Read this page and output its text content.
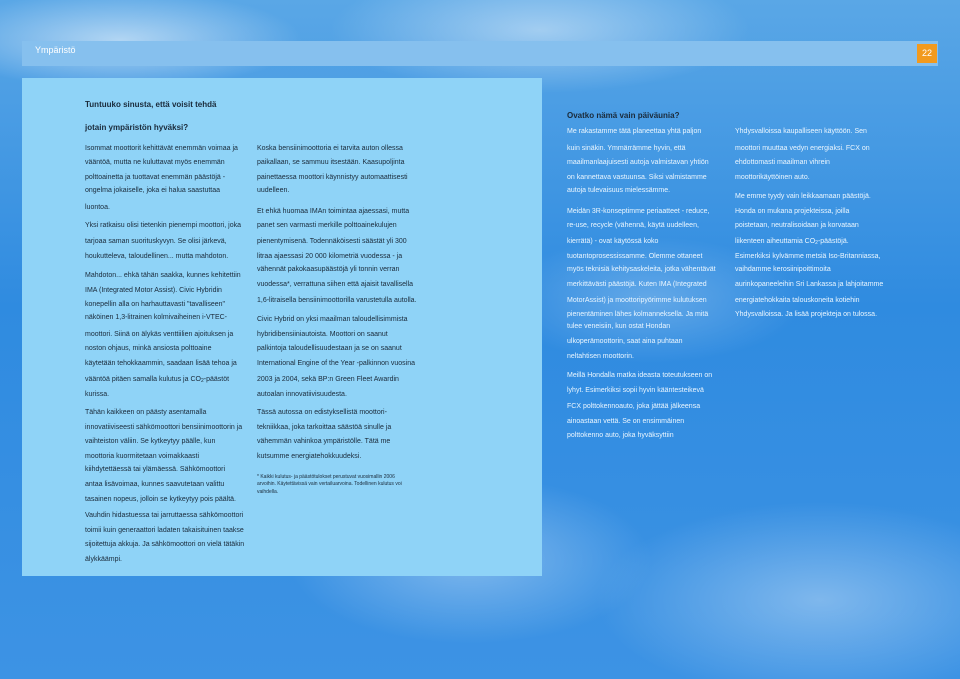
Ympäristö	22
Tuntuuko sinusta, että voisit tehdä
jotain ympäristön hyväksi?
Isommat moottorit kehittävät enemmän voimaa ja
vääntöä, mutta ne kuluttavat myös enemmän
polttoainetta ja tuottavat enemmän päästöjä -
ongelma jokaiselle, joka ei halua saastuttaa
luontoa.
Yksi ratkaisu olisi tietenkin pienempi moottori, joka
tarjoaa saman suorituskyvyn. Se olisi järkevä,
houkutteleva, taloudellinen... mutta mahdoton.
Mahdoton... ehkä tähän saakka, kunnes kehitettiin
IMA (Integrated Motor Assist). Civic Hybridin
konepellin alla on harhauttavasti "tavalliseen"
näköinen 1,3-litrainen kolmivaiheinen i-VTEC-
moottori. Siinä on älykäs venttiilien ajoituksen ja
noston ohjaus, minkä ansiosta polttoaine
käytetään tehokkaammin, saadaan lisää tehoa ja
vääntöä pitäen samalla kulutus ja $CO_2$-päästöt
kurissa.
Tähän kaikkeen on päästy asentamalla
innovatiiviseesti sähkömoottori bensiinimoottorin ja
vaihteiston väliin. Se kytkeytyy päälle, kun
moottoria kuormitetaan voimakkaasti
kiihdytettäessä tai ylämäessä. Sähkömoottori
antaa lisävoimaa, kunnes saavutetaan valittu
tasainen nopeus, jolloin se kytkeytyy pois päältä.
Vauhdin hidastuessa tai jarruttaessa sähkömoottori
toimii kuin generaattori ladaten takaisituinen taakse
sijoitettuja akkuja. Ja sähkömoottori on vielä tätäkin
älykkäämpi.
Koska bensiinimoottoria ei tarvita auton ollessa
paikallaan, se sammuu itsestään. Kaasupoljinta
painettaessa moottori käynnistyy automaattisesti
uudelleen.
Et ehkä huomaa IMAn toimintaa ajaessasi, mutta
panet sen varmasti merkille polttoainekulujen
pienentymisenä. Todennäköisesti säästät yli 300
litraa ajaessasi 20 000 kilometriä vuodessa - ja
vähennät pakokaasupäästöjä yli tonnin verran
vuodessa*, verrattuna siihen että ajaisit tavallisella
1,6-litraisella bensiinimoottorilla varustetulla autolla.
Civic Hybrid on yksi maailman taloudellisimmista
hybridibensiiniautoista. Moottori on saanut
palkintoja taloudellisuudestaan ja se on saanut
International Engine of the Year -palkinnon vuosina
2003 ja 2004, sekä BP:n Green Fleet Awardin
autoalan innovatiivisuudesta.
Tässä autossa on edistyksellistä moottori-
tekniikkaa, joka tarkoittaa säästöä sinulle ja
vähemmän vahinkoa ympäristölle. Tätä me
kutsumme energiatehokkuudeksi.
* Kaikki kulutus- ja päästötulokset perustuvat vuosimallin 2006
arvoihin. Käytettävissä vain vertailuarvoina. Todellinen kulutus voi
vaihdella.
Ovatko nämä vain päiväunia?
Me rakastamme tätä planeettaa yhtä paljon
kuin sinäkin. Ymmärrämme hyvin, että
maailmanlaajuisesti autoja valmistavan yhtiön
on kannettava vastuunsa. Siksi valmistamme
autoja tulevaisuus mielessämme.
Meidän 3R-konseptimme periaatteet - reduce,
re-use, recycle (vähennä, käytä uudelleen,
kierrätä) - ovat käytössä koko
tuotantoprosessissamme. Olemme ottaneet
myös teknisiä kehitysaskeleita, jotka vähentävät
merkittävästi päästöjä. Kuten IMA (Integrated
MotorAssist) ja moottoripyörimme kulutuksen
pienentäminen lähes kolmanneksella. Ja mitä
tulee veneisiin, kun ostat Hondan
ulkoperämoottorin, saat aina puhtaan
neltahtisen moottorin.
Meillä Hondalla matka ideasta toteutukseen on
lyhyt. Esimerkiksi sopii hyvin kääntesteikevä
FCX polttokennoauto, joka jättää jälkeensa
ainoastaan vettä. Se on ensimmäinen
polttokenno auto, joka hyväksyttiin
Yhdysvalloissa kaupalliseen käyttöön. Sen
moottori muuttaa vedyn energiaksi. FCX on
ehdottomasti maailman vihrein
moottorikäyttöinen auto.
Me emme tyydy vain leikkaamaan päästöjä.
Honda on mukana projekteissa, joilla
poistetaan, neutralisoidaan ja korvataan
liikenteen aiheuttamia $CO_2$-päästöjä.
Esimerkiksi kylvämme metsiä Iso-Britanniassa,
vaihdamme kerosiinipoittimoita
aurinkopaneeleihin Sri Lankassa ja lahjoitamme
energiatehokkaita talouskoneita kotiehin
Yhdysvalloissa. Ja lisää projekteja on tulossa.
